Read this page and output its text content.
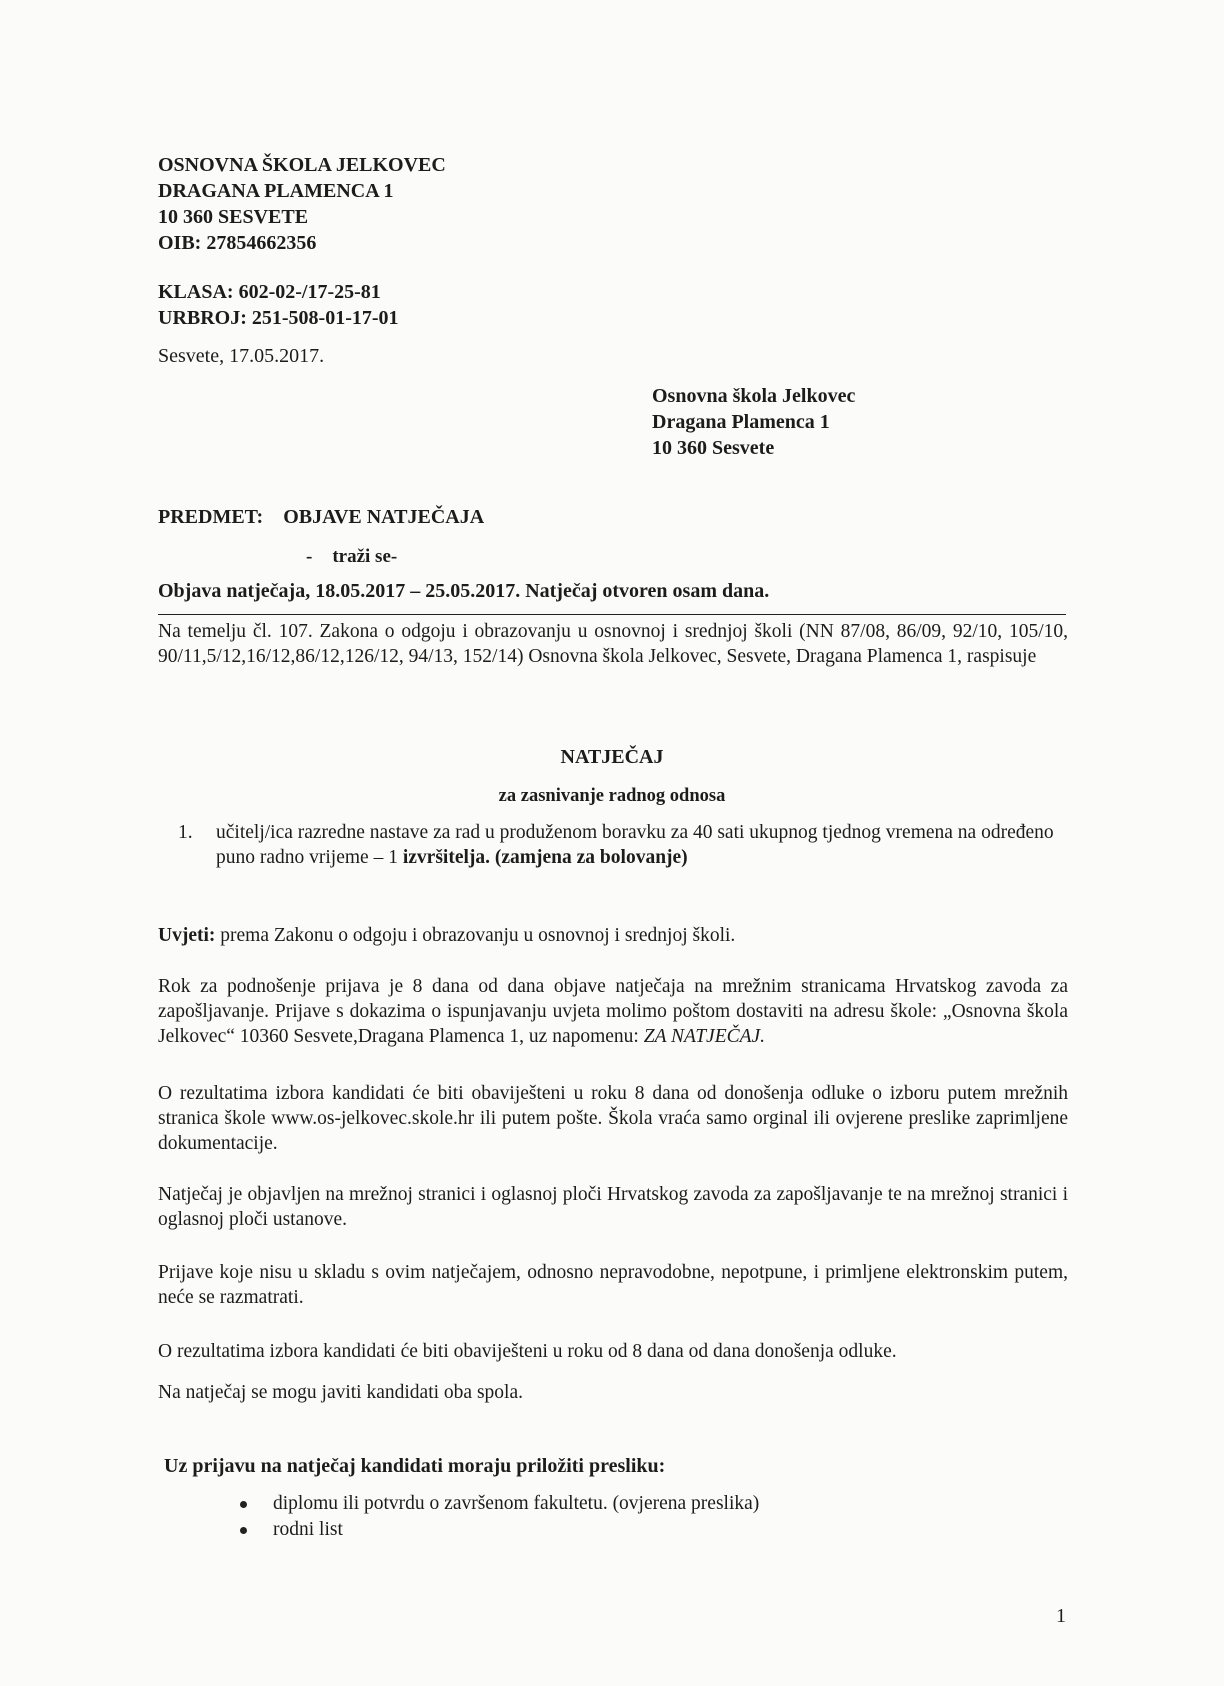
OSNOVNA ŠKOLA JELKOVEC
DRAGANA PLAMENCA 1
10 360 SESVETE
OIB: 27854662356
KLASA: 602-02-/17-25-81
URBROJ: 251-508-01-17-01
Sesvete, 17.05.2017.
Osnovna škola Jelkovec
Dragana Plamenca 1
10 360 Sesvete
PREDMET: OBJAVE NATJEČAJA
- traži se-
Objava natječaja, 18.05.2017 – 25.05.2017. Natječaj otvoren osam dana.
Na temelju čl. 107. Zakona o odgoju i obrazovanju u osnovnoj i srednjoj školi (NN 87/08, 86/09, 92/10, 105/10, 90/11,5/12,16/12,86/12,126/12, 94/13, 152/14) Osnovna škola Jelkovec, Sesvete, Dragana Plamenca 1, raspisuje
NATJEČAJ
za zasnivanje radnog odnosa
1. učitelj/ica razredne nastave za rad u produženom boravku za 40 sati ukupnog tjednog vremena na određeno puno radno vrijeme – 1 izvršitelja. (zamjena za bolovanje)
Uvjeti: prema Zakonu o odgoju i obrazovanju u osnovnoj i srednjoj školi.
Rok za podnošenje prijava je 8 dana od dana objave natječaja na mrežnim stranicama Hrvatskog zavoda za zapošljavanje. Prijave s dokazima o ispunjavanju uvjeta molimo poštom dostaviti na adresu škole: „Osnovna škola Jelkovec“ 10360 Sesvete,Dragana Plamenca 1, uz napomenu: ZA NATJEČAJ.
O rezultatima izbora kandidati će biti obaviješteni u roku 8 dana od donošenja odluke o izboru putem mrežnih stranica škole www.os-jelkovec.skole.hr ili putem pošte. Škola vraća samo orginal ili ovjerene preslike zaprimljene dokumentacije.
Natječaj je objavljen na mrežnoj stranici i oglasnoj ploči Hrvatskog zavoda za zapošljavanje te na mrežnoj stranici i oglasnoj ploči ustanove.
Prijave koje nisu u skladu s ovim natječajem, odnosno nepravodobne, nepotpune, i primljene elektronskim putem, neće se razmatrati.
O rezultatima izbora kandidati će biti obaviješteni u roku od 8 dana od dana donošenja odluke.
Na natječaj se mogu javiti kandidati oba spola.
Uz prijavu na natječaj kandidati moraju priložiti presliku:
diplomu ili potvrdu o završenom fakultetu. (ovjerena preslika)
rodni list
1
